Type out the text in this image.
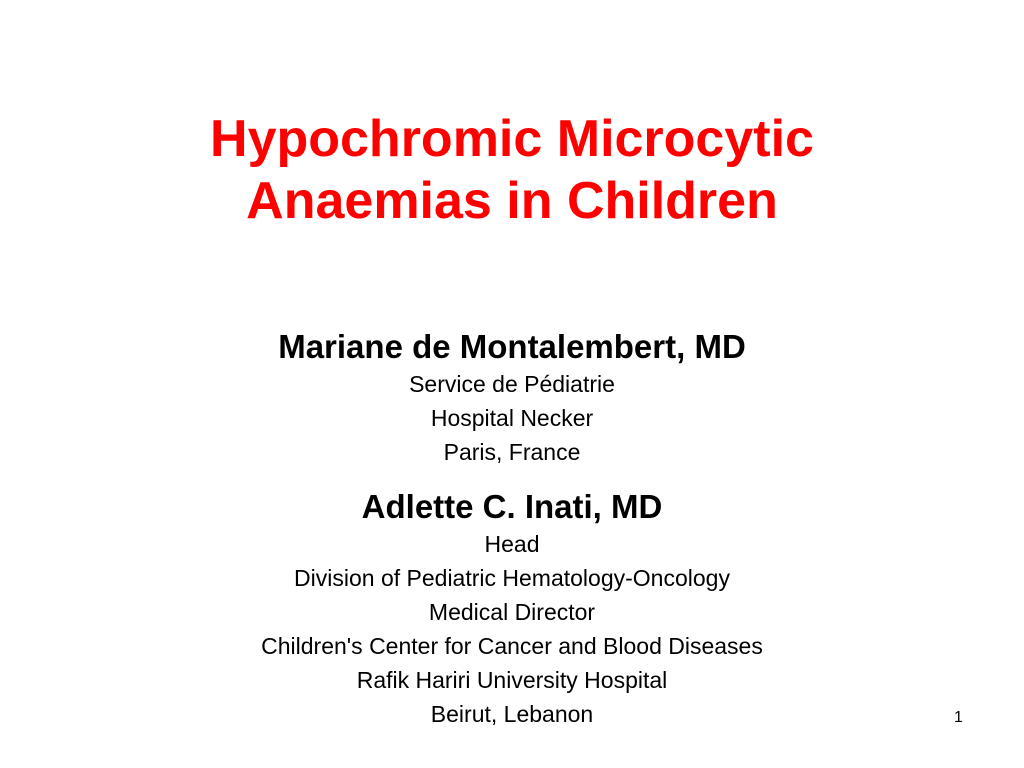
Hypochromic Microcytic
Anaemias in Children
Mariane de Montalembert, MD
Service de Pédiatrie
Hospital Necker
Paris, France
Adlette C. Inati, MD
Head
Division of Pediatric Hematology-Oncology
Medical Director
Children's Center for Cancer and Blood Diseases
Rafik Hariri University Hospital
Beirut, Lebanon	1
